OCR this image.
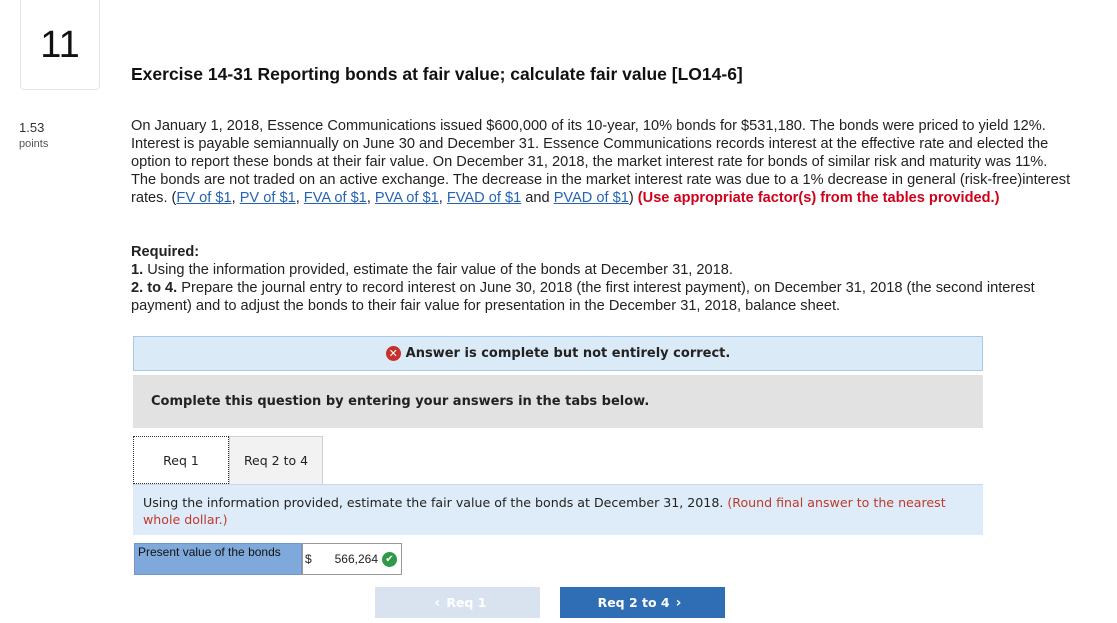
11
1.53
points
Exercise 14-31 Reporting bonds at fair value; calculate fair value [LO14-6]
On January 1, 2018, Essence Communications issued $600,000 of its 10-year, 10% bonds for $531,180. The bonds were priced to yield 12%. Interest is payable semiannually on June 30 and December 31. Essence Communications records interest at the effective rate and elected the option to report these bonds at their fair value. On December 31, 2018, the market interest rate for bonds of similar risk and maturity was 11%. The bonds are not traded on an active exchange. The decrease in the market interest rate was due to a 1% decrease in general (risk-free)interest rates. (FV of $1, PV of $1, FVA of $1, PVA of $1, FVAD of $1 and PVAD of $1) (Use appropriate factor(s) from the tables provided.)
Required:
1. Using the information provided, estimate the fair value of the bonds at December 31, 2018.
2. to 4. Prepare the journal entry to record interest on June 30, 2018 (the first interest payment), on December 31, 2018 (the second interest payment) and to adjust the bonds to their fair value for presentation in the December 31, 2018, balance sheet.
✕ Answer is complete but not entirely correct.
Complete this question by entering your answers in the tabs below.
Req 1	Req 2 to 4
Using the information provided, estimate the fair value of the bonds at December 31, 2018. (Round final answer to the nearest whole dollar.)
Present value of the bonds	$	566,264 ✔
‹ Req 1	Req 2 to 4 ›
